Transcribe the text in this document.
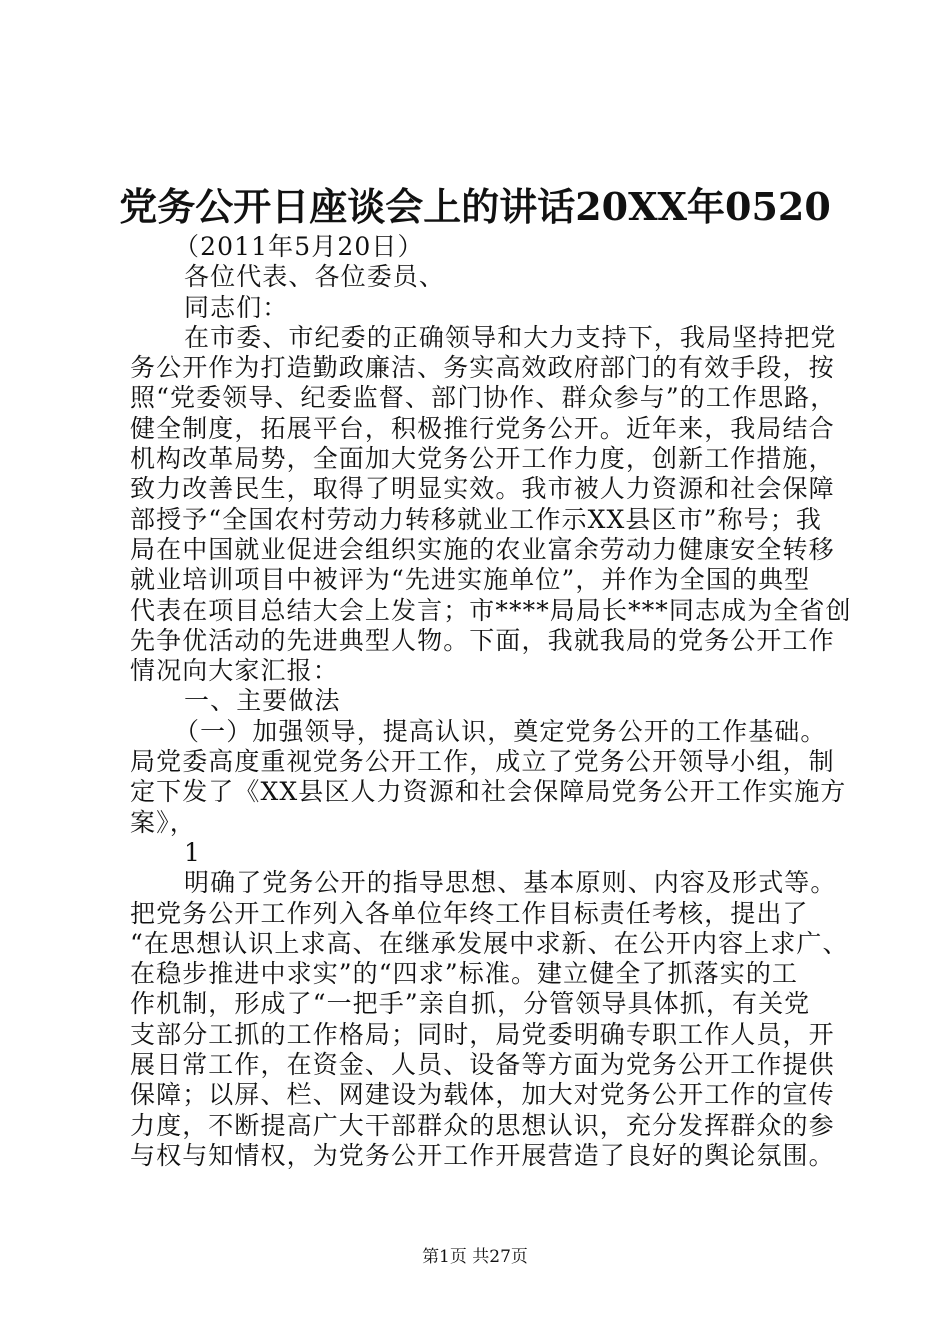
党务公开日座谈会上的讲话20XX年0520
（2011年5月20日）
各位代表、各位委员、
同志们：
在市委、市纪委的正确领导和大力支持下，我局坚持把党
务公开作为打造勤政廉洁、务实高效政府部门的有效手段，按
照“党委领导、纪委监督、部门协作、群众参与”的工作思路，
健全制度，拓展平台，积极推行党务公开。近年来，我局结合
机构改革局势，全面加大党务公开工作力度，创新工作措施，
致力改善民生，取得了明显实效。我市被人力资源和社会保障
部授予“全国农村劳动力转移就业工作示XX县区市”称号；我
局在中国就业促进会组织实施的农业富余劳动力健康安全转移
就业培训项目中被评为“先进实施单位”，并作为全国的典型
代表在项目总结大会上发言；市****局局长***同志成为全省创
先争优活动的先进典型人物。下面，我就我局的党务公开工作
情况向大家汇报：
一、主要做法
（一）加强领导，提高认识，奠定党务公开的工作基础。
局党委高度重视党务公开工作，成立了党务公开领导小组，制
定下发了《XX县区人力资源和社会保障局党务公开工作实施方
案》，
1
明确了党务公开的指导思想、基本原则、内容及形式等。
把党务公开工作列入各单位年终工作目标责任考核，提出了
“在思想认识上求高、在继承发展中求新、在公开内容上求广、
在稳步推进中求实”的“四求”标准。建立健全了抓落实的工
作机制，形成了“一把手”亲自抓，分管领导具体抓，有关党
支部分工抓的工作格局；同时，局党委明确专职工作人员，开
展日常工作，在资金、人员、设备等方面为党务公开工作提供
保障；以屏、栏、网建设为载体，加大对党务公开工作的宣传
力度，不断提高广大干部群众的思想认识，充分发挥群众的参
与权与知情权，为党务公开工作开展营造了良好的舆论氛围。
第1页 共27页
